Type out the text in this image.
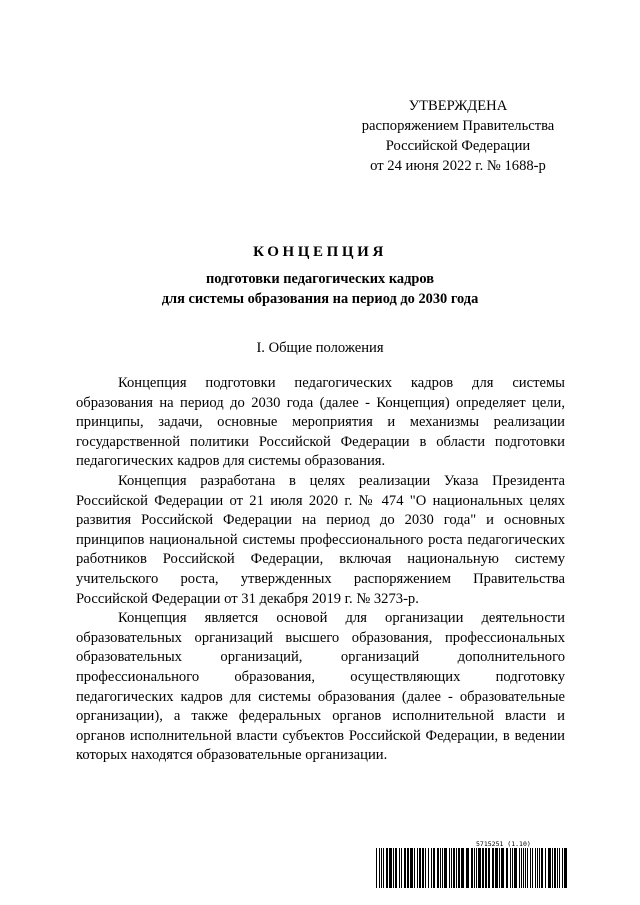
УТВЕРЖДЕНА
распоряжением Правительства
Российской Федерации
от 24 июня 2022 г. № 1688-р
КОНЦЕПЦИЯ
подготовки педагогических кадров
для системы образования на период до 2030 года
I. Общие положения

Концепция подготовки педагогических кадров для системы образования на период до 2030 года (далее - Концепция) определяет цели, принципы, задачи, основные мероприятия и механизмы реализации государственной политики Российской Федерации в области подготовки педагогических кадров для системы образования.

Концепция разработана в целях реализации Указа Президента Российской Федерации от 21 июля 2020 г. № 474 "О национальных целях развития Российской Федерации на период до 2030 года" и основных принципов национальной системы профессионального роста педагогических работников Российской Федерации, включая национальную систему учительского роста, утвержденных распоряжением Правительства Российской Федерации от 31 декабря 2019 г. № 3273-р.

Концепция является основой для организации деятельности образовательных организаций высшего образования, профессиональных образовательных организаций, организаций дополнительного профессионального образования, осуществляющих подготовку педагогических кадров для системы образования (далее - образовательные организации), а также федеральных органов исполнительной власти и органов исполнительной власти субъектов Российской Федерации, в ведении которых находятся образовательные организации.

5715251 (1.10)
